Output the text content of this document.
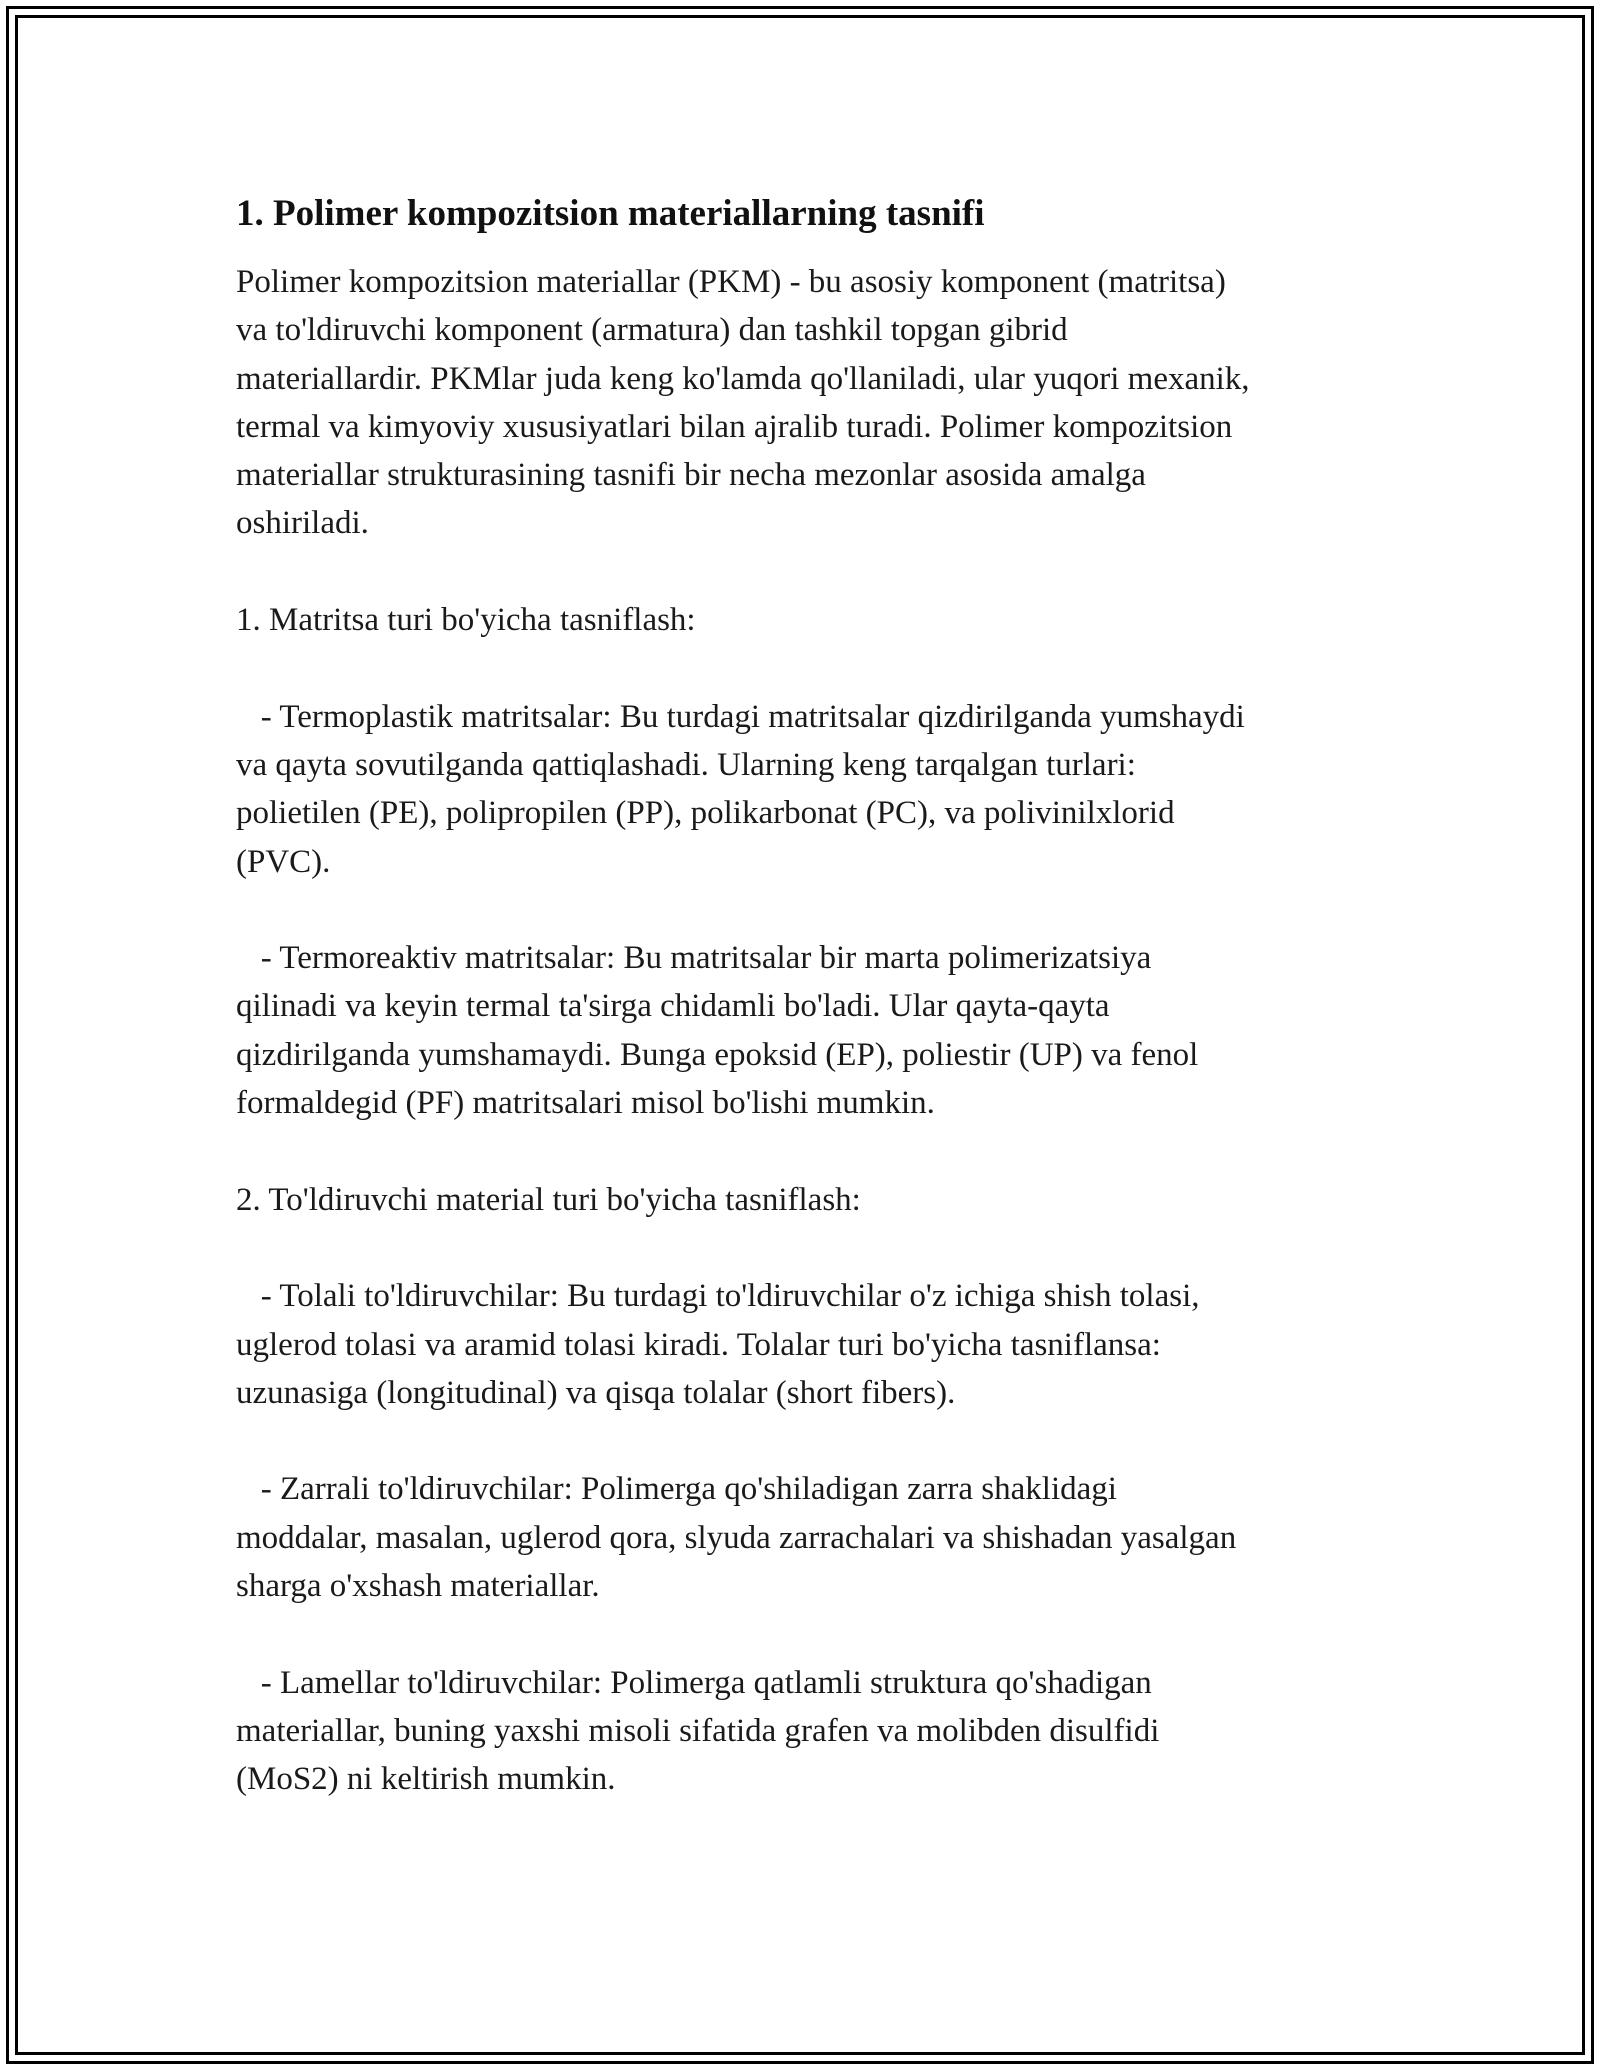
1. Polimer kompozitsion materiallarning tasnifi
Polimer kompozitsion materiallar (PKM) - bu asosiy komponent (matritsa)
va to'ldiruvchi komponent (armatura) dan tashkil topgan gibrid
materiallardir. PKMlar juda keng ko'lamda qo'llaniladi, ular yuqori mexanik,
termal va kimyoviy xususiyatlari bilan ajralib turadi. Polimer kompozitsion
materiallar strukturasining tasnifi bir necha mezonlar asosida amalga
oshiriladi.

1. Matritsa turi bo'yicha tasniflash:

- Termoplastik matritsalar: Bu turdagi matritsalar qizdirilganda yumshaydi
va qayta sovutilganda qattiqlashadi. Ularning keng tarqalgan turlari:
polietilen (PE), polipropilen (PP), polikarbonat (PC), va polivinilxlorid
(PVC).

- Termoreaktiv matritsalar: Bu matritsalar bir marta polimerizatsiya
qilinadi va keyin termal ta'sirga chidamli bo'ladi. Ular qayta-qayta
qizdirilganda yumshamaydi. Bunga epoksid (EP), poliestir (UP) va fenol
formaldegid (PF) matritsalari misol bo'lishi mumkin.

2. To'ldiruvchi material turi bo'yicha tasniflash:

- Tolali to'ldiruvchilar: Bu turdagi to'ldiruvchilar o'z ichiga shish tolasi,
uglerod tolasi va aramid tolasi kiradi. Tolalar turi bo'yicha tasniflansa:
uzunasiga (longitudinal) va qisqa tolalar (short fibers).

- Zarrali to'ldiruvchilar: Polimerga qo'shiladigan zarra shaklidagi
moddalar, masalan, uglerod qora, slyuda zarrachalari va shishadan yasalgan
sharga o'xshash materiallar.

- Lamellar to'ldiruvchilar: Polimerga qatlamli struktura qo'shadigan
materiallar, buning yaxshi misoli sifatida grafen va molibden disulfidi
(MoS2) ni keltirish mumkin.
